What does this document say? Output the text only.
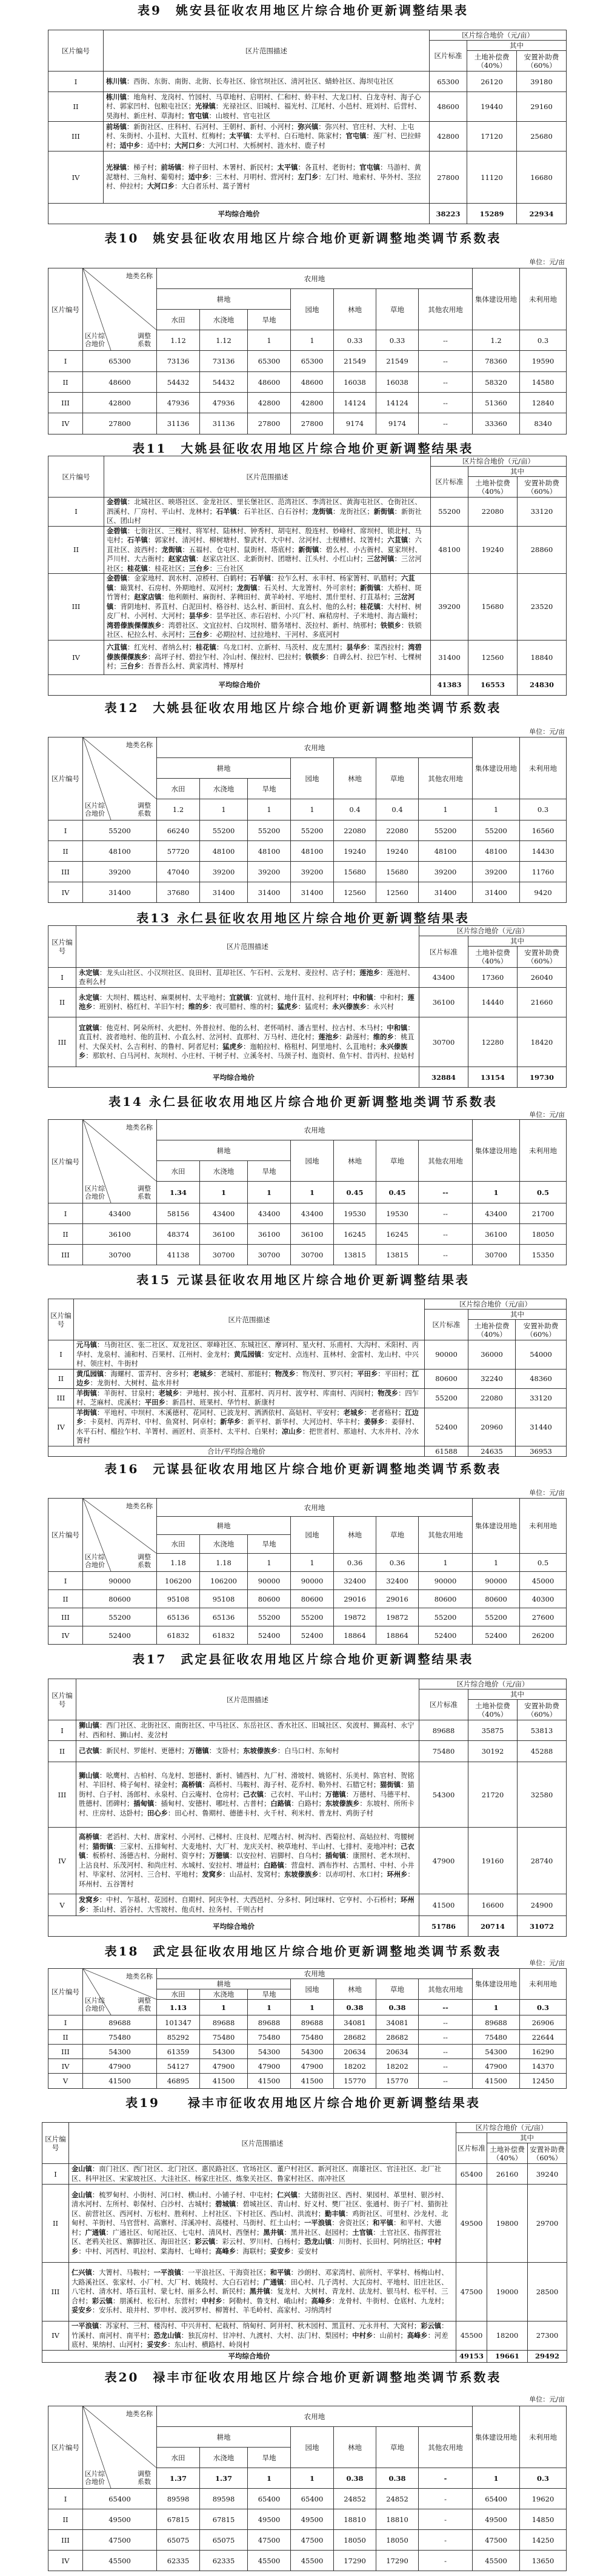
表9　姚安县征收农用地区片综合地价更新调整结果表
区片编号	区片范围描述	区片综合地价（元/亩）		
		区片标准	其中	
			土地补偿费（40%）	安置补助费（60%）
I	栋川镇：西街、东街、南街、北街、长寿社区、徐官坝社区、清河社区、蜻蛉社区、海坝屯社区	65300	26120	39180
II	栋川镇：地角村、龙岗村、竹园村、马草地村、启明村、仁和村、蛉丰村、大龙口村、白龙寺村、海子心村、郭家凹村、包粮屯社区；光禄镇：光禄社区、旧城村、福光村、江尾村、小邑村、班刘村、后营村、昊海村、新庄村、草海村；官屯镇：山坡村、官屯社区	48600	19440	29160
III	前场镇：新街社区、庄科村、石河村、王朝村、新村、小河村；弥兴镇：弥兴村、官庄村、大村、上屯村、朱街村、小苴村、大苴村、红梅村；太平镇：太平村、白石地村、陈家村；官屯镇：莲厂村、巴拉蚌村；适中乡：适中村；大河口乡：大河口村、大栎树村、涟水村、鹿子村	42800	17120	25680
IV	光禄镇：梯子村；前场镇：梓子田村、木署村、新民村；太平镇：各苴村、老街村；官屯镇：马游村、黄泥塘村、三角村、葡萄村；适中乡：三木村、月明村、营河村；左门乡：左门村、地索村、毕外村、茎拉村、仲拉村；大河口乡：大白者乐村、蒿子箐村	27800	11120	16680
平均综合地价		38223	15289	22934
表10　姚安县征收农用地区片综合地价更新调整地类调节系数表
单位：元/亩
区片编号	地类名称
区片综合地价
调整系数	农用地							集体建设用地	未利用地
		耕地			园地	林地	草地	其他农用地		
		水田	水浇地	旱地						
		1.12	1.12	1	1	0.33	0.33	--	1.2	0.3
I	65300	73136	73136	65300	65300	21549	21549	--	78360	19590
II	48600	54432	54432	48600	48600	16038	16038	--	58320	14580
III	42800	47936	47936	42800	42800	14124	14124	--	51360	12840
IV	27800	31136	31136	27800	27800	9174	9174	--	33360	8340
表11　大姚县征收农用地区片综合地价更新调整结果表
区片编号	区片范围描述	区片综合地价（元/亩）		
		区片标准	其中	
			土地补偿费（40%）	安置补助费（60%）
I	金碧镇：北城社区、映塔社区、金龙社区、里长堡社区、范湾社区、李湾社区、黄海屯社区、仓街社区、泗溪村、厂房村、平山村、龙林村；石羊镇：石羊社区、白石谷村；龙街镇：龙街社区；新街镇：新街社区、团山村	55200	22080	33120
II	金碧镇：七街社区、三槐村、将军村、陆林村、钟秀村、胡屯村、殷连村、妙峰村、席坝村、锁北村、马屯村；石羊镇：郭家村、清河村、柳树塘村、黎武村、大中村、岔河村、土枧槽村、坟箐村；六苴镇：六苴社区、波西村；龙街镇：五福村、仓屯村、鼠街村、塔底村；新街镇：碧么村、小古衙村、夏家坝村、芦川村、大古衙村；赵家店镇：赵家店社区、北新街村、团塘村、江头村、小红山村；三岔河镇：三岔河社区；桂花镇：桂花社区；三台乡：三台社区	48100	19240	28860
III	金碧镇：金家地村、润水村、凉桥村、白鹤村；石羊镇：拉乍么村、永丰村、杨家箐村、叭腊村；六苴镇：簸箕村、石房村、外期地村、双河村；龙街镇：石关村、大龙箐村、外可亲村；新街镇：大桥村、斑竹箐村；赵家店镇：他利颇村、麻街村、茅稗田村、黄羊岭村、平地村、黑什里村、打苴基村；三岔河镇：背阴地村、荞苴村、白泥田村、格谷村、达么村、新田村、直么村、他的么村；桂花镇：大村村、树皮厂村、小河村、大河村；昙华乡：昙华社区、赤石岩村、小兴厂村、麻秸房村、子米地村、海古簸村；湾碧傣族傈僳族乡：湾碧社区、文宜拉村、白坟坝村、腊务堵村、茨拉村、新村、纳那村；铁锁乡：铁锁社区、杞拉么村、永河村；三台乡：必期拉村、过拉地村、干河村、多底河村	39200	15680	23520
IV	六苴镇：红光村、者纳么村；桂花镇：乌龙口村、立新村、马茨村、皮左黑村；昙华乡：菜西拉村；湾碧傣族傈僳族乡：高坪子村、碧拉乍村、冷山村、倮拉村、巴拉村；铁锁乡：自碑么村、拉巴乍村、七棵树村；三台乡：吾普吾么村、黄家湾村、博厚村	31400	12560	18840
平均综合地价		41383	16553	24830
表12　大姚县征收农用地区片综合地价更新调整地类调节系数表
单位：元/亩
区片编号	地类名称
区片综合地价
调整系数	农用地							集体建设用地	未利用地
		耕地			园地	林地	草地	其他农用地		
		水田	水浇地	旱地						
		1.2	1	1	1	0.4	0.4	1	1	0.3
I	55200	66240	55200	55200	55200	22080	22080	55200	55200	16560
II	48100	57720	48100	48100	48100	19240	19240	48100	48100	14430
III	39200	47040	39200	39200	39200	15680	15680	39200	39200	11760
IV	31400	37680	31400	31400	31400	12560	12560	31400	31400	9420
表13 永仁县征收农用地区片综合地价更新调整结果表
区片编号	区片范围描述	区片综合地价（元/亩）		
		区片标准	其中	
			土地补偿费（40%）	安置补助费（60%）
I	永定镇：龙头山社区、小汉坝社区、良田村、苴却社区、乍石村、云龙村、麦拉村、店子村；莲池乡：莲池村、查利么村	43400	17360	26040
II	永定镇：大坝村、糯达村、麻栗树村、太平地村；宜就镇：宜就村、地什苴村、拉利坪村；中和镇：中和村；莲池乡：班别村、格红村、羊旧乍村；维的乡：夜可腊村、维的村；猛虎乡：猛虎村；永兴傣族乡：永兴村	36100	14440	21660
III	宜就镇：他克村、阿朵所村、火把村、外普拉村、他的么村、老怀哨村、潘古里村、拉古村、木马村；中和镇：直苴村、波者地村、他的苴村、小直么村、岔河村、直那村、万马村、进化村；莲池乡：勐莲村；维的乡：桃苴村、大保关村、么吉利村、的鲁村、阿者尼村；猛虎乡：迤帕拉村、格租村、阿里地村、么苴地村；永兴傣族乡：那软村、白马河村、灰坝村、小庄村、干树子村、立溪冬村、马颈子村、迤资村、鱼乍村、昔丙村、拉姑村	30700	12280	18420
平均综合地价		32884	13154	19730
表14 永仁县征收农用地区片综合地价更新调整地类调节系数表
单位：元/亩
区片编号	地类名称
区片综合地价
调整系数	农用地							集体建设用地	未利用地
		耕地			园地	林地	草地	其他农用地		
		水田	水浇地	旱地						
		1.34	1	1	1	0.45	0.45	--	1	0.5
I	43400	58156	43400	43400	43400	19530	19530	--	43400	21700
II	36100	48374	36100	36100	36100	16245	16245	--	36100	18050
III	30700	41138	30700	30700	30700	13815	13815	--	30700	15350
表15 元谋县征收农用地区片综合地价更新调整结果表
区片编号	区片范围描述	区片综合地价（元/亩）		
		区片标准	其中	
			土地补偿费（40%）	安置补助费（60%）
I	元马镇：马街社区、张二社区、双龙社区、翠峰社区、东城社区、摩诃村、星火村、乐甫村、大沟村、禾阳村、丙华村、龙泉村、浦和村、百果村、江州村、金龙村；黄瓜园镇：安定村、点连村、苴林村、金雷村、龙山村、中兴村、领庄村、牛街村	90000	36000	54000
II	黄瓜园镇：海螺村、雷弄村、舍乡村；老城乡：老城村、那能村；物茂乡：物茂村、罗兴村；平田乡：平田村；江边乡：龙街村、大树村、盐水井村	80600	32240	48360
III	羊街镇：羊街村、甘泉村；老城乡：尹地村、挨小村、苴那村、丙月村、波亨村、库南村、丙间村；物茂乡：四乍村、芝麻村、虎溪村；平田乡：新昌村、班果村、华竹村、新康村	55200	22080	33120
IV	羊街镇：平地村、中坝村、木溪德村、花同村、已波龙村、洒洒依村、高姑村、平安村；老城乡：老者格村；江边乡：卡莫村、丙弄村、中村、鱼窝村、阿卓村；新华乡：新平村、新华村、大河边村、华丰村；姜驿乡：姜驿村、水平石村、榴拉乍村、羊箐村、画匠村、贡茶村、太平村、白果村；凉山乡：把世者村、那迪村、大水井村、冷水箐村	52400	20960	31440
合计/平均综合地价		61588	24635	36953
表16　元谋县征收农用地区片综合地价更新调整地类调节系数表
单位：元/亩
区片编号	地类名称
区片综合地价
调整系数	农用地							集体建设用地	未利用地
		耕地			园地	林地	草地	其他农用地		
		水田	水浇地	旱地						
		1.18	1.18	1	1	0.36	0.36	1	1	0.5
I	90000	106200	106200	90000	90000	32400	32400	90000	90000	45000
II	80600	95108	95108	80600	80600	29016	29016	80600	80600	40300
III	55200	65136	65136	55200	55200	19872	19872	55200	55200	27600
IV	52400	61832	61832	52400	52400	18864	18864	52400	52400	26200
表17　武定县征收农用地区片综合地价更新调整结果表
区片编号	区片范围描述	区片综合地价（元/亩）		
		区片标准	其中	
			土地补偿费（40%）	安置补助费（60%）
I	狮山镇：西门社区、北街社区、南街社区、中马社区、东岳社区、香水社区、旧城社区、矣波村、狮高村、永宁村、西和村、狮山村、麦岔村	89688	35875	53813
II	己衣镇：新民村、罗能村、更德村；万德镇：支卧村；东坡傣族乡：白马口村、东甸村	75480	30192	45288
III	狮山镇：吆鹰村、古柏村、乌龙村、恕德村、新村、铺西村、九厂村、滑坡村、姚铭村、乐美村、陈官村、贺铭村、羊旧村、椅子甸村、禄金村；高桥镇：高桥村、马鞍村、海子村、花乔村、勒外村、石腊它村；猫街镇：猫街村、白子村、汤郎村、永泉村、白云庵村、仓房村；己衣镇：己衣村、平山村；万德镇：万德村、马德平村、胜德村、团碑村；插甸镇：插甸村、安德村、哪吐村、古普村；白路镇：白路村；东坡傣族乡：东坡村、所所卡村、庄房村、达卧村；田心乡：田心村、鲁期村、德德卡村、火千村、利米村、普龙村、鸡街子村	54300	21720	32580
IV	高桥镇：老滔村、大村、唐家村、小河村、己梯村、庄良村、尼嘎古村、树沟村、西菊拉村、高姑拉村、弯腰树村；猫街镇：三家村、五排甸村、大麦地村、大厂村、龙庆关村、秧草地村、半山村、七排村、麦地冲村；己衣镇：板桥村、汤德古村、分耐村、资亨村；万德镇：以安拉村、岩脚村、自乌村；插甸镇：康照村、老木坝村、上沾良村、乐茂河村、和尚庄村、水城村、安拉村、增益村；白路镇：营盘村、洒布拃村、古黑村、中村、小井村、毕家村、岔河村、三合村、平地村；发窝乡：山品村、发窝村；东坡傣族乡：以赤叨村、水口村；环州乡：环州村、五谷箐村	47900	19160	28740
V	发窝乡：中村、乍基村、花园村、自期村、阿庆争村、大西邑村、分多村、阿过咪村、它亨村、小石桥村；环州乡：茶山村、滔谷村、大雪坡村、他贞村、拉务村、千则古村	41500	16600	24900
平均综合地价		51786	20714	31072
表18　武定县征收农用地区片综合地价更新调整地类调节系数表
单位：元/亩
区片编号	地类名称
区片综合地价
调整系数	农用地							集体建设用地	未利用地
		耕地			园地	林地	草地	其他农用地		
		水田	水浇地	旱地						
		1.13	1	1	1	0.38	0.38	--	1	0.3
I	89688	101347	89688	89688	89688	34081	34081	--	89688	26906
II	75480	85292	75480	75480	75480	28682	28682	--	75480	22644
III	54300	61359	54300	54300	54300	20634	20634	--	54300	16290
IV	47900	54127	47900	47900	47900	18202	18202	--	47900	14370
V	41500	46895	41500	41500	41500	15770	15770	--	41500	12450
表19　　禄丰市征收农用地区片综合地价更新调整结果表
区片编号	区片范围描述	区片综合地价（元/亩）		
		区片标准	其中	
			土地补偿费（40%）	安置补助费（60%）
I	金山镇：南门社区、西门社区、北门社区、惠民路社区、官场社区、董户村社区、新河社区、南雄社区、官洼社区、北厂社区、科甲社区、宋家坡社区、大洼社区、杨家庄社区、炼象关社区、鲁家村社区、南冲社区	65400	26160	39240
II	金山镇：梳罗甸村、小街村、河口村、横山村、小铺子村、中屯村；仁兴镇：大猪街社区、西村、果园村、革里村、银沙村、清水河村、左所村、彰保村、白沙村、古城村；碧城镇：碧城社区、青山村、好义村、樊厂社区、张通村、街子厂村、猫街社区、前营社区、西河村、万松村、胜利村、上村社区、下村社区、西山村、洪流村；勤丰镇：鸡街社区、可里村、沙龙村、北甸村、羊街村、马官营村、高寨村、洋溪冲村、高楼村、马街村、红土山村；一平浪镇：舍资社区；和平镇：和平村、大德村；广通镇：广通社区、旬尾社区、七屯村、清风村、西堡村；黑井镇：黑井社区、赵园村；土官镇：土官社区、指挥营社区、老鸦关社区、寨脚社区、海田社区；彩云镇：彩云村、罗川村、白杨村；恐龙山镇：川街村、长田村、阿纳社区；中村乡：中村、河西村、叽拉村、棠海村、七峰村；高峰乡：海联村；妥安乡：妥安村	49500	19800	29700
III	仁兴镇：大箐村、马鞍村；一平浪镇：一平浪社区、干海资社区；和平镇：沙朗村、邓家湾村、前所村、平掌村、杨梅山村、大路溪社区、张家村、小厂村、大厂村、姚陵村、大白石岩村；广通镇：田心村、几子湾村、大瓦房村、平地村、旧庄社区、八宅村、清水村、塔石苴村、蒙七村、丽多么村、新民村；黑井镇：复龙村、大树村、青龙村、法龙村、银马村、松平村、三合村；彩云镇：朋溪村、松石村、东营村；中村乡：阿勒村、鲁支村、峨山村；高峰乡：龙骨村、牛街村、仓底村、九龙村；妥安乡：安乐村、琅井村、罗申村、波河罗村、柳箐村、羊毛岭村、高家村、习纳湾村	47500	19000	28500
IV	一平浪镇：苏家村、三村、楼沟村、中兴井村、杞栽村、纳甸村、阿井村、秋木园村、黑苴村、元永井村、大窝村；彩云镇：竹溪村、南河村、南平村；恐龙山镇：独瓦房村、甘冲村、九渡村、大村、法门村、梨园村；中村乡：山前村；高峰乡：河差底村、果纳村、山河村；妥安乡：东山村、横路村、岭岗村	45500	18200	27300
平均综合地价		49153	19661	29492
表20　禄丰市征收农用地区片综合地价更新调整地类调节系数表
单位：元/亩
区片编号	地类名称
区片综合地价
调整系数	农用地							集体建设用地	未利用地
		耕地			园地	林地	草地	其他农用地		
		水田	水浇地	旱地						
		1.37	1.37	1	1	0.38	0.38	-	1	0.3
I	65400	89598	89598	65400	65400	24852	24852	-	65400	19620
II	49500	67815	67815	49500	49500	18810	18810	-	49500	14850
III	47500	65075	65075	47500	47500	18050	18050	-	47500	14250
IV	45500	62335	62335	45500	45500	17290	17290	-	45500	13650
